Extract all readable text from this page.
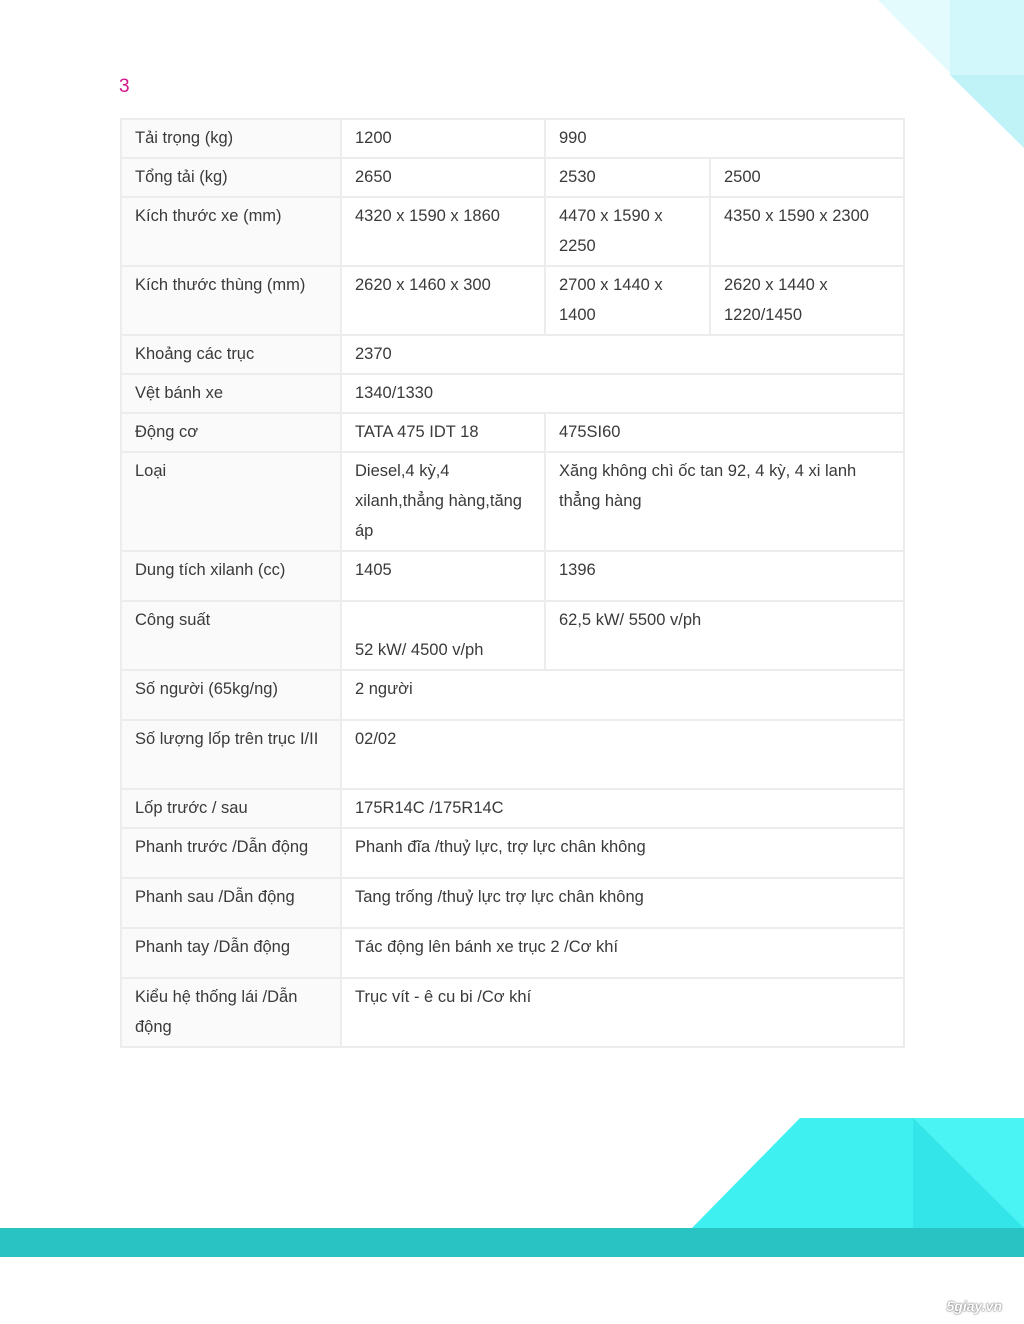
3
Tải trọng (kg)	1200	990	
Tổng tải (kg)	2650	2530	2500
Kích thước xe (mm)	4320 x 1590 x 1860	4470 x 1590 x 2250	4350 x 1590 x 2300
Kích thước thùng (mm)	2620 x 1460 x 300	2700 x 1440 x 1400	2620 x 1440 x 1220/1450
Khoảng các trục	2370		
Vệt bánh xe	1340/1330		
Động cơ	TATA 475 IDT 18	475SI60	
Loại	Diesel,4 kỳ,4 xilanh,thẳng hàng,tăng áp	Xăng không chì ốc tan 92, 4 kỳ, 4 xi lanh thẳng hàng	
Dung tích xilanh (cc)	1405	1396	
Công suất	52 kW/ 4500 v/ph	62,5 kW/ 5500 v/ph	
Số người (65kg/ng)	2 người		
Số lượng lốp trên trục I/II	02/02		
Lốp trước / sau	175R14C /175R14C		
Phanh trước /Dẫn động	Phanh đĩa /thuỷ lực, trợ lực chân không		
Phanh sau /Dẫn động	Tang trống /thuỷ lực trợ lực chân không		
Phanh tay /Dẫn động	Tác động lên bánh xe trục 2 /Cơ khí		
Kiểu hệ thống lái /Dẫn động	Trục vít - ê cu bi /Cơ khí		
5giay.vn
